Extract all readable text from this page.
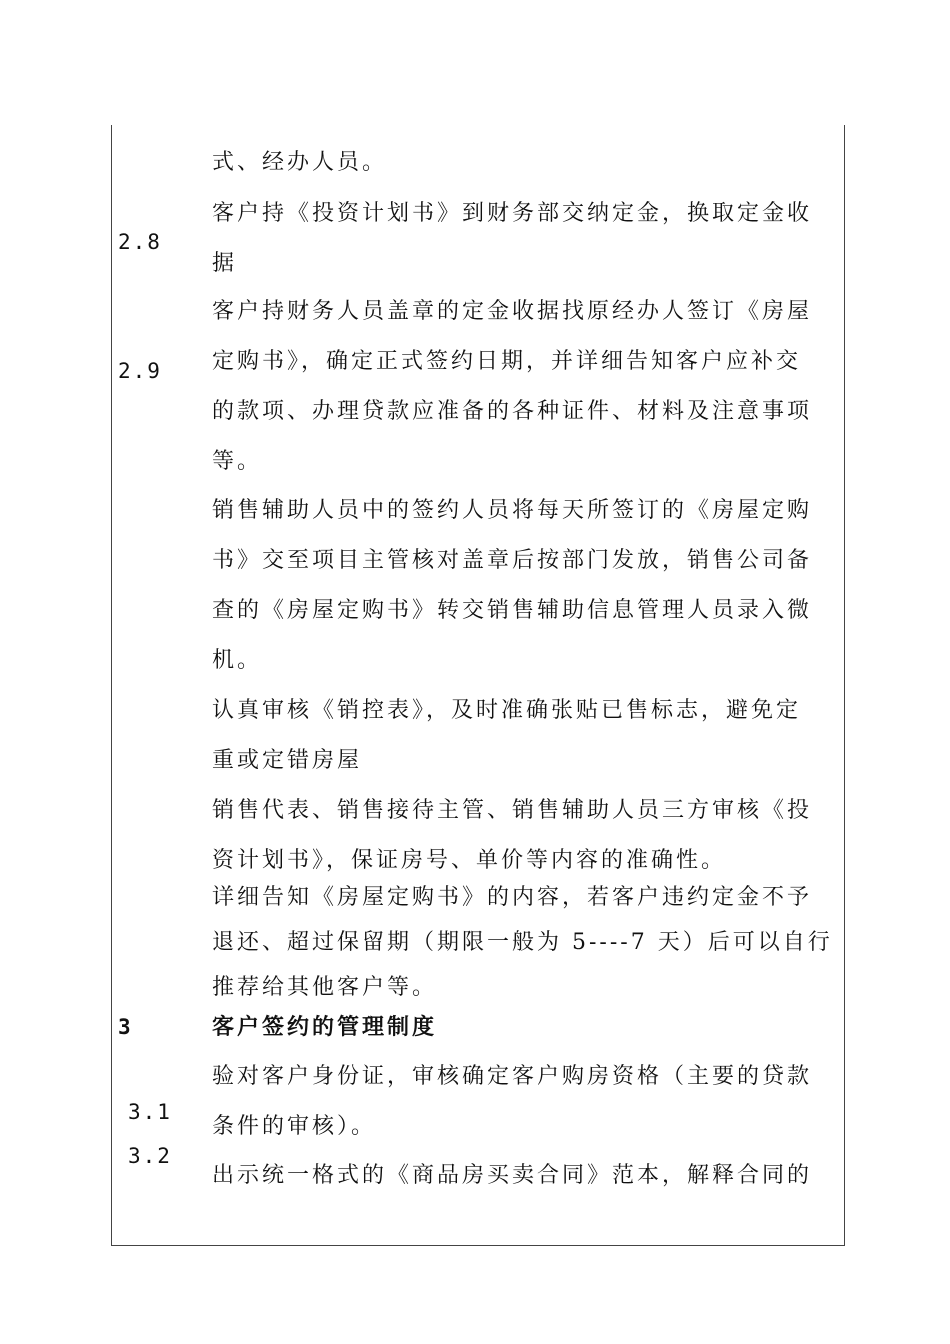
2.8
2.9
3
3.1
3.2
式、经办人员。
客户持《投资计划书》到财务部交纳定金，换取定金收
据
客户持财务人员盖章的定金收据找原经办人签订《房屋
定购书》，确定正式签约日期，并详细告知客户应补交
的款项、办理贷款应准备的各种证件、材料及注意事项
等。
销售辅助人员中的签约人员将每天所签订的《房屋定购
书》交至项目主管核对盖章后按部门发放，销售公司备
查的《房屋定购书》转交销售辅助信息管理人员录入微
机。
认真审核《销控表》，及时准确张贴已售标志，避免定
重或定错房屋
销售代表、销售接待主管、销售辅助人员三方审核《投
资计划书》，保证房号、单价等内容的准确性。
详细告知《房屋定购书》的内容，若客户违约定金不予
退还、超过保留期（期限一般为 5----7 天）后可以自行
推荐给其他客户等。
客户签约的管理制度
验对客户身份证，审核确定客户购房资格（主要的贷款
条件的审核）。
出示统一格式的《商品房买卖合同》范本，解释合同的
